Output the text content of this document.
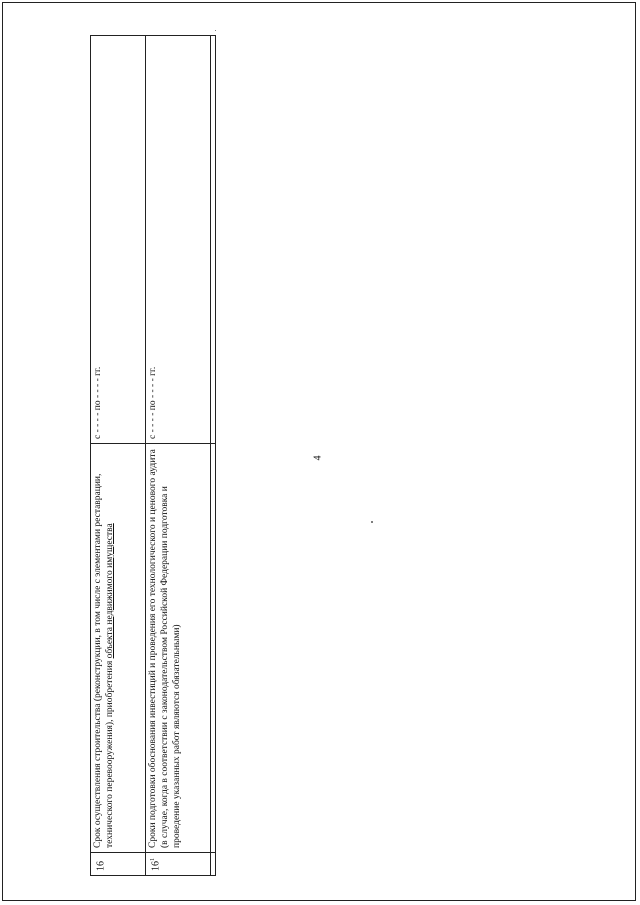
4
16	Срок осуществления строительства (реконструкции, в том числе с элементами реставрации, технического перевооружения), приобретения объекта недвижимого имущества	с - - - - по - - - - гг.
$16^1$	Сроки подготовки обоснования инвестиций и проведения его технологического и ценового аудита (в случае, когда в соответствии с законодательством Российской Федерации подготовка и проведение указанных работ являются обязательными)	с - - - - по - - - - гг.
